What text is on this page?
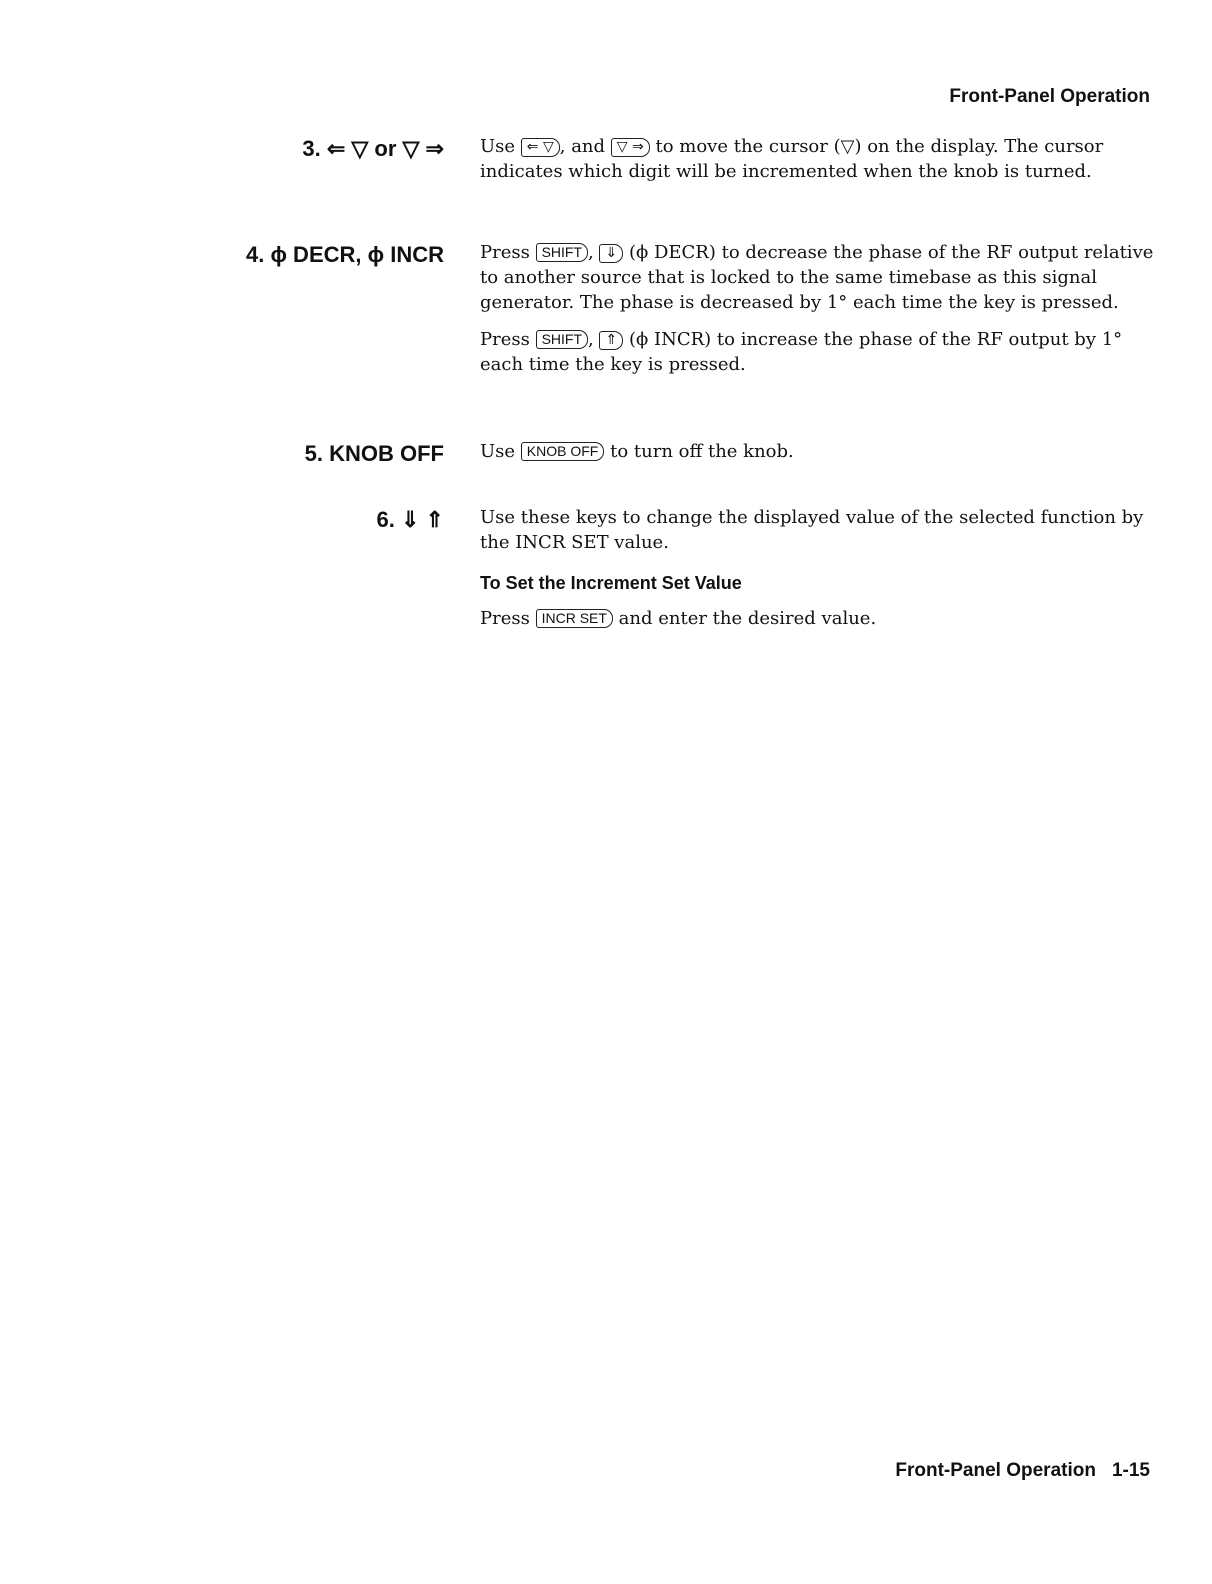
Front-Panel Operation
3. ⇐ ▽ or ▽ ⇒ Use ⇐ ▽ , and ▽ ⇒ to move the cursor (▽) on the display. The cursor indicates which digit will be incremented when the knob is turned.

4. ϕ DECR, ϕ INCR Press SHIFT , ⇓ (ϕ DECR) to decrease the phase of the RF output relative to another source that is locked to the same timebase as this signal generator. The phase is decreased by 1° each time the key is pressed.

Press SHIFT , ⇑ (ϕ INCR) to increase the phase of the RF output by 1° each time the key is pressed.

5. KNOB OFF Use KNOB OFF to turn off the knob.

6. ⇓ ⇑ Use these keys to change the displayed value of the selected function by the INCR SET value.

To Set the Increment Set Value

Press INCR SET and enter the desired value.

Front-Panel Operation 1-15
